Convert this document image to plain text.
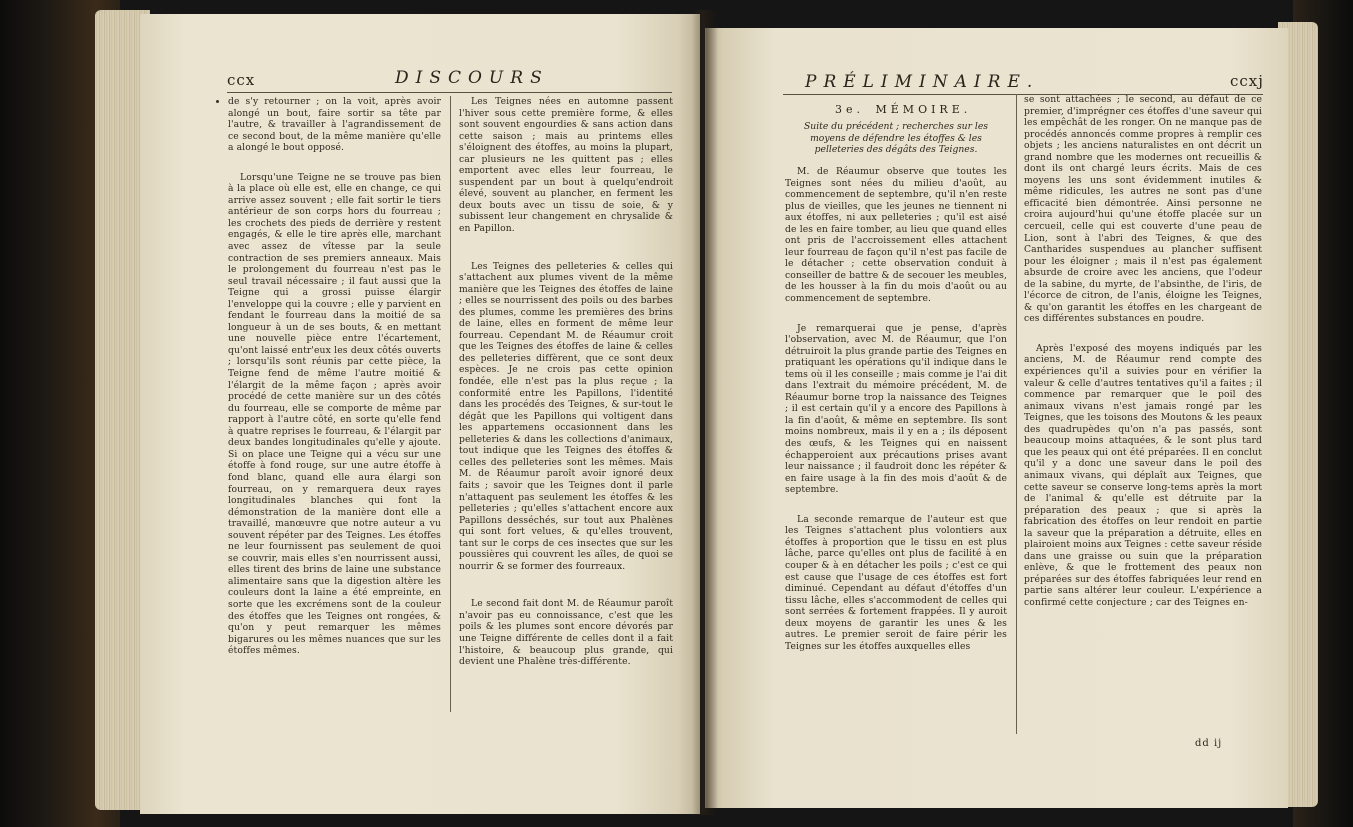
ccx	DISCOURS

de s'y retourner ; on la voit, après avoir alongé un bout, faire sortir sa tête par l'autre, & travailler à l'agrandissement de ce second bout, de la même manière qu'elle a alongé le bout opposé.

Lorsqu'une Teigne ne se trouve pas bien à la place où elle est, elle en change, ce qui arrive assez souvent ; elle fait sortir le tiers antérieur de son corps hors du fourreau ; les crochets des pieds de derrière y restent engagés, & elle le tire après elle, marchant avec assez de vîtesse par la seule contraction de ses premiers anneaux. Mais le prolongement du fourreau n'est pas le seul travail nécessaire ; il faut aussi que la Teigne qui a grossi puisse élargir l'enveloppe qui la couvre ; elle y parvient en fendant le fourreau dans la moitié de sa longueur à un de ses bouts, & en mettant une nouvelle pièce entre l'écartement, qu'ont laissé entr'eux les deux côtés ouverts ; lorsqu'ils sont réunis par cette pièce, la Teigne fend de même l'autre moitié & l'élargit de la même façon ; après avoir procédé de cette manière sur un des côtés du fourreau, elle se comporte de même par rapport à l'autre côté, en sorte qu'elle fend à quatre reprises le fourreau, & l'élargit par deux bandes longitudinales qu'elle y ajoute. Si on place une Teigne qui a vécu sur une étoffe à fond rouge, sur une autre étoffe à fond blanc, quand elle aura élargi son fourreau, on y remarquera deux rayes longitudinales blanches qui font la démonstration de la manière dont elle a travaillé, manœuvre que notre auteur a vu souvent répéter par des Teignes. Les étoffes ne leur fournissent pas seulement de quoi se couvrir, mais elles s'en nourrissent aussi, elles tirent des brins de laine une substance alimentaire sans que la digestion altère les couleurs dont la laine a été empreinte, en sorte que les excrémens sont de la couleur des étoffes que les Teignes ont rongées, & qu'on y peut remarquer les mêmes bigarures ou les mêmes nuances que sur les étoffes mêmes.

Les Teignes nées en automne passent l'hiver sous cette première forme, & elles sont souvent engourdies & sans action dans cette saison ; mais au printems elles s'éloignent des étoffes, au moins la plupart, car plusieurs ne les quittent pas ; elles emportent avec elles leur fourreau, le suspendent par un bout à quelqu'endroit élevé, souvent au plancher, en ferment les deux bouts avec un tissu de soie, & y subissent leur changement en chrysalide & en Papillon.

Les Teignes des pelleteries & celles qui s'attachent aux plumes vivent de la même manière que les Teignes des étoffes de laine ; elles se nourrissent des poils ou des barbes des plumes, comme les premières des brins de laine, elles en forment de même leur fourreau. Cependant M. de Réaumur croit que les Teignes des étoffes de laine & celles des pelleteries diffèrent, que ce sont deux espèces. Je ne crois pas cette opinion fondée, elle n'est pas la plus reçue ; la conformité entre les Papillons, l'identité dans les procédés des Teignes, & sur-tout le dégât que les Papillons qui voltigent dans les appartemens occasionnent dans les pelleteries & dans les collections d'animaux, tout indique que les Teignes des étoffes & celles des pelleteries sont les mêmes. Mais M. de Réaumur paroît avoir ignoré deux faits ; savoir que les Teignes dont il parle n'attaquent pas seulement les étoffes & les pelleteries ; qu'elles s'attachent encore aux Papillons desséchés, sur tout aux Phalènes qui sont fort velues, & qu'elles trouvent, tant sur le corps de ces insectes que sur les poussières qui couvrent les aîles, de quoi se nourrir & se former des fourreaux.

Le second fait dont M. de Réaumur paroît n'avoir pas eu connoissance, c'est que les poils & les plumes sont encore dévorés par une Teigne différente de celles dont il a fait l'histoire, & beaucoup plus grande, qui devient une Phalène très-différente.

PRÉLIMINAIRE.	ccxj
3e. MÉMOIRE.
Suite du précédent ; recherches sur les moyens de défendre les étoffes & les pelleteries des dégâts des Teignes.

M. de Réaumur observe que toutes les Teignes sont nées du milieu d'août, au commencement de septembre, qu'il n'en reste plus de vieilles, que les jeunes ne tiennent ni aux étoffes, ni aux pelleteries ; qu'il est aisé de les en faire tomber, au lieu que quand elles ont pris de l'accroissement elles attachent leur fourreau de façon qu'il n'est pas facile de le détacher ; cette observation conduit à conseiller de battre & de secouer les meubles, de les housser à la fin du mois d'août ou au commencement de septembre.

Je remarquerai que je pense, d'après l'observation, avec M. de Réaumur, que l'on détruiroit la plus grande partie des Teignes en pratiquant les opérations qu'il indique dans le tems où il les conseille ; mais comme je l'ai dit dans l'extrait du mémoire précédent, M. de Réaumur borne trop la naissance des Teignes ; il est certain qu'il y a encore des Papillons à la fin d'août, & même en septembre. Ils sont moins nombreux, mais il y en a ; ils déposent des œufs, & les Teignes qui en naissent échapperoient aux précautions prises avant leur naissance ; il faudroit donc les répéter & en faire usage à la fin des mois d'août & de septembre.

La seconde remarque de l'auteur est que les Teignes s'attachent plus volontiers aux étoffes à proportion que le tissu en est plus lâche, parce qu'elles ont plus de facilité à en couper & à en détacher les poils ; c'est ce qui est cause que l'usage de ces étoffes est fort diminué. Cependant au défaut d'étoffes d'un tissu lâche, elles s'accommodent de celles qui sont serrées & fortement frappées. Il y auroit deux moyens de garantir les unes & les autres. Le premier seroit de faire périr les Teignes sur les étoffes auxquelles elles

se sont attachées ; le second, au défaut de ce premier, d'imprégner ces étoffes d'une saveur qui les empêchât de les ronger. On ne manque pas de procédés annoncés comme propres à remplir ces objets ; les anciens naturalistes en ont décrit un grand nombre que les modernes ont recueillis & dont ils ont chargé leurs écrits. Mais de ces moyens les uns sont évidemment inutiles & même ridicules, les autres ne sont pas d'une efficacité bien démontrée. Ainsi personne ne croira aujourd'hui qu'une étoffe placée sur un cercueil, celle qui est couverte d'une peau de Lion, sont à l'abri des Teignes, & que des Cantharides suspendues au plancher suffisent pour les éloigner ; mais il n'est pas également absurde de croire avec les anciens, que l'odeur de la sabine, du myrte, de l'absinthe, de l'iris, de l'écorce de citron, de l'anis, éloigne les Teignes, & qu'on garantit les étoffes en les chargeant de ces différentes substances en poudre.

Après l'exposé des moyens indiqués par les anciens, M. de Réaumur rend compte des expériences qu'il a suivies pour en vérifier la valeur & celle d'autres tentatives qu'il a faites ; il commence par remarquer que le poil des animaux vivans n'est jamais rongé par les Teignes, que les toisons des Moutons & les peaux des quadrupèdes qu'on n'a pas passés, sont beaucoup moins attaquées, & le sont plus tard que les peaux qui ont été préparées. Il en conclut qu'il y a donc une saveur dans le poil des animaux vivans, qui déplaît aux Teignes, que cette saveur se conserve long-tems après la mort de l'animal & qu'elle est détruite par la préparation des peaux ; que si après la fabrication des étoffes on leur rendoit en partie la saveur que la préparation a détruite, elles en plairoient moins aux Teignes : cette saveur réside dans une graisse ou suin que la préparation enlève, & que le frottement des peaux non préparées sur des étoffes fabriquées leur rend en partie sans altérer leur couleur. L'expérience a confirmé cette conjecture ; car des Teignes en-

dd ij
